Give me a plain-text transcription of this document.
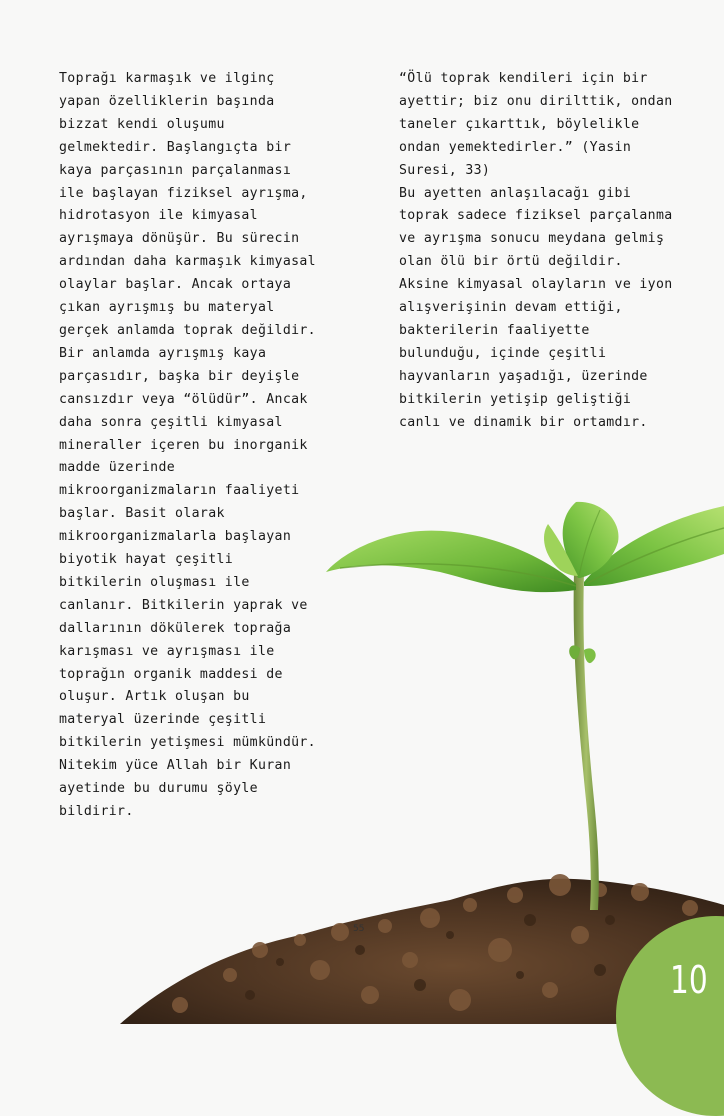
Toprağı karmaşık ve ilginç
yapan özelliklerin başında
bizzat kendi oluşumu
gelmektedir. Başlangıçta bir
kaya parçasının parçalanması
ile başlayan fiziksel ayrışma,
hidrotasyon ile kimyasal
ayrışmaya dönüşür. Bu sürecin
ardından daha karmaşık kimyasal
olaylar başlar. Ancak ortaya
çıkan ayrışmış bu materyal
gerçek anlamda toprak değildir.
Bir anlamda ayrışmış kaya
parçasıdır, başka bir deyişle
cansızdır veya “ölüdür”. Ancak
daha sonra çeşitli kimyasal
mineraller içeren bu inorganik
madde üzerinde
mikroorganizmaların faaliyeti
başlar. Basit olarak
mikroorganizmalarla başlayan
biyotik hayat çeşitli
bitkilerin oluşması ile
canlanır. Bitkilerin yaprak ve
dallarının dökülerek toprağa
karışması ve ayrışması ile
toprağın organik maddesi de
oluşur. Artık oluşan bu
materyal üzerinde çeşitli
bitkilerin yetişmesi mümkündür.
Nitekim yüce Allah bir Kuran
ayetinde bu durumu şöyle
bildirir.
“Ölü toprak kendileri için bir
ayettir; biz onu dirilttik, ondan
taneler çıkarttık, böylelikle
ondan yemektedirler.” (Yasin
Suresi, 33)
Bu ayetten anlaşılacağı gibi
toprak sadece fiziksel parçalanma
ve ayrışma sonucu meydana gelmiş
olan ölü bir örtü değildir.
Aksine kimyasal olayların ve iyon
alışverişinin devam ettiği,
bakterilerin faaliyette
bulunduğu, içinde çeşitli
hayvanların yaşadığı, üzerinde
bitkilerin yetişip geliştiği
canlı ve dinamik bir ortamdır.
55
10
